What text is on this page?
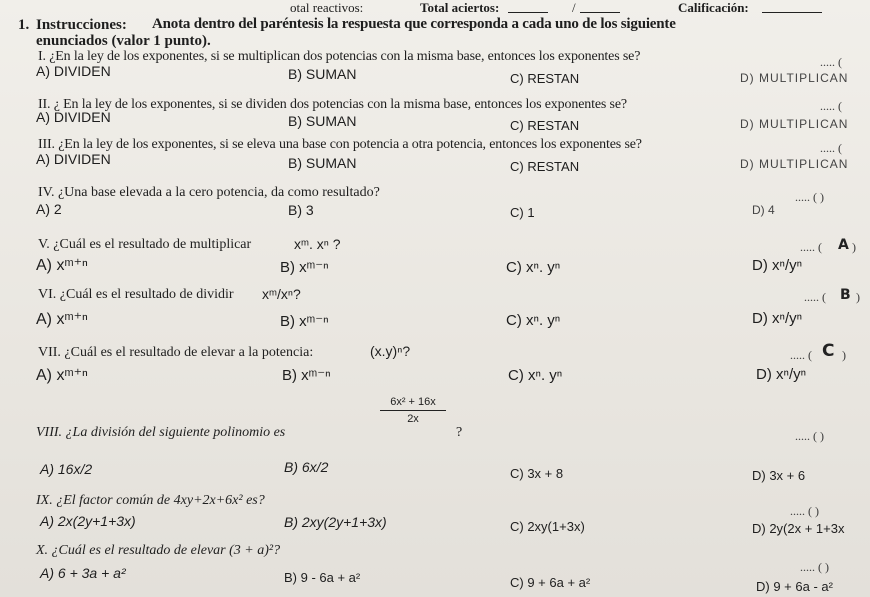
otal reactivos:	Total aciertos:	/	Calificación:
1. Instrucciones: Anota dentro del paréntesis la respuesta que corresponda a cada uno de los siguiente
enunciados (valor 1 punto).
I. ¿En la ley de los exponentes, si se multiplican dos potencias con la misma base, entonces los exponentes se?	..... (
A) DIVIDEN	B) SUMAN	C) RESTAN	D) MULTIPLICAN
II. ¿ En la ley de los exponentes, si se dividen dos potencias con la misma base, entonces los exponentes se?	..... (
A) DIVIDEN	B) SUMAN	C) RESTAN	D) MULTIPLICAN
III. ¿En la ley de los exponentes, si se eleva una base con potencia a otra potencia, entonces los exponentes se?	..... (
A) DIVIDEN	B) SUMAN	C) RESTAN	D) MULTIPLICAN
IV. ¿Una base elevada a la cero potencia, da como resultado?	..... ( )
A) 2	B) 3	C) 1	D) 4
V. ¿Cuál es el resultado de multiplicar	xᵐ. xⁿ ?	..... ( A )
A) xᵐ⁺ⁿ	B) xᵐ⁻ⁿ	C) xⁿ. yⁿ	D) xⁿ/yⁿ
VI. ¿Cuál es el resultado de dividir xᵐ/xⁿ?	..... ( B )
A) xᵐ⁺ⁿ	B) xᵐ⁻ⁿ	C) xⁿ. yⁿ	D) xⁿ/yⁿ
VII. ¿Cuál es el resultado de elevar a la potencia:	(x.y)ⁿ?	..... ( C )
A) xᵐ⁺ⁿ	B) xᵐ⁻ⁿ	C) xⁿ. yⁿ	D) xⁿ/yⁿ
VIII. ¿La división del siguiente polinomio es
6x² + 16x
2x
?	..... ( )
A) 16x/2	B) 6x/2	C) 3x + 8	D) 3x + 6
IX. ¿El factor común de 4xy+2x+6x² es?
..... ( )
A) 2x(2y+1+3x)	B) 2xy(2y+1+3x)	C) 2xy(1+3x)	D) 2y(2x + 1+3x
X. ¿Cuál es el resultado de elevar (3 + a)²?
..... ( )
A) 6 + 3a + a²	B) 9 - 6a + a²	C) 9 + 6a + a²	D) 9 + 6a - a²
